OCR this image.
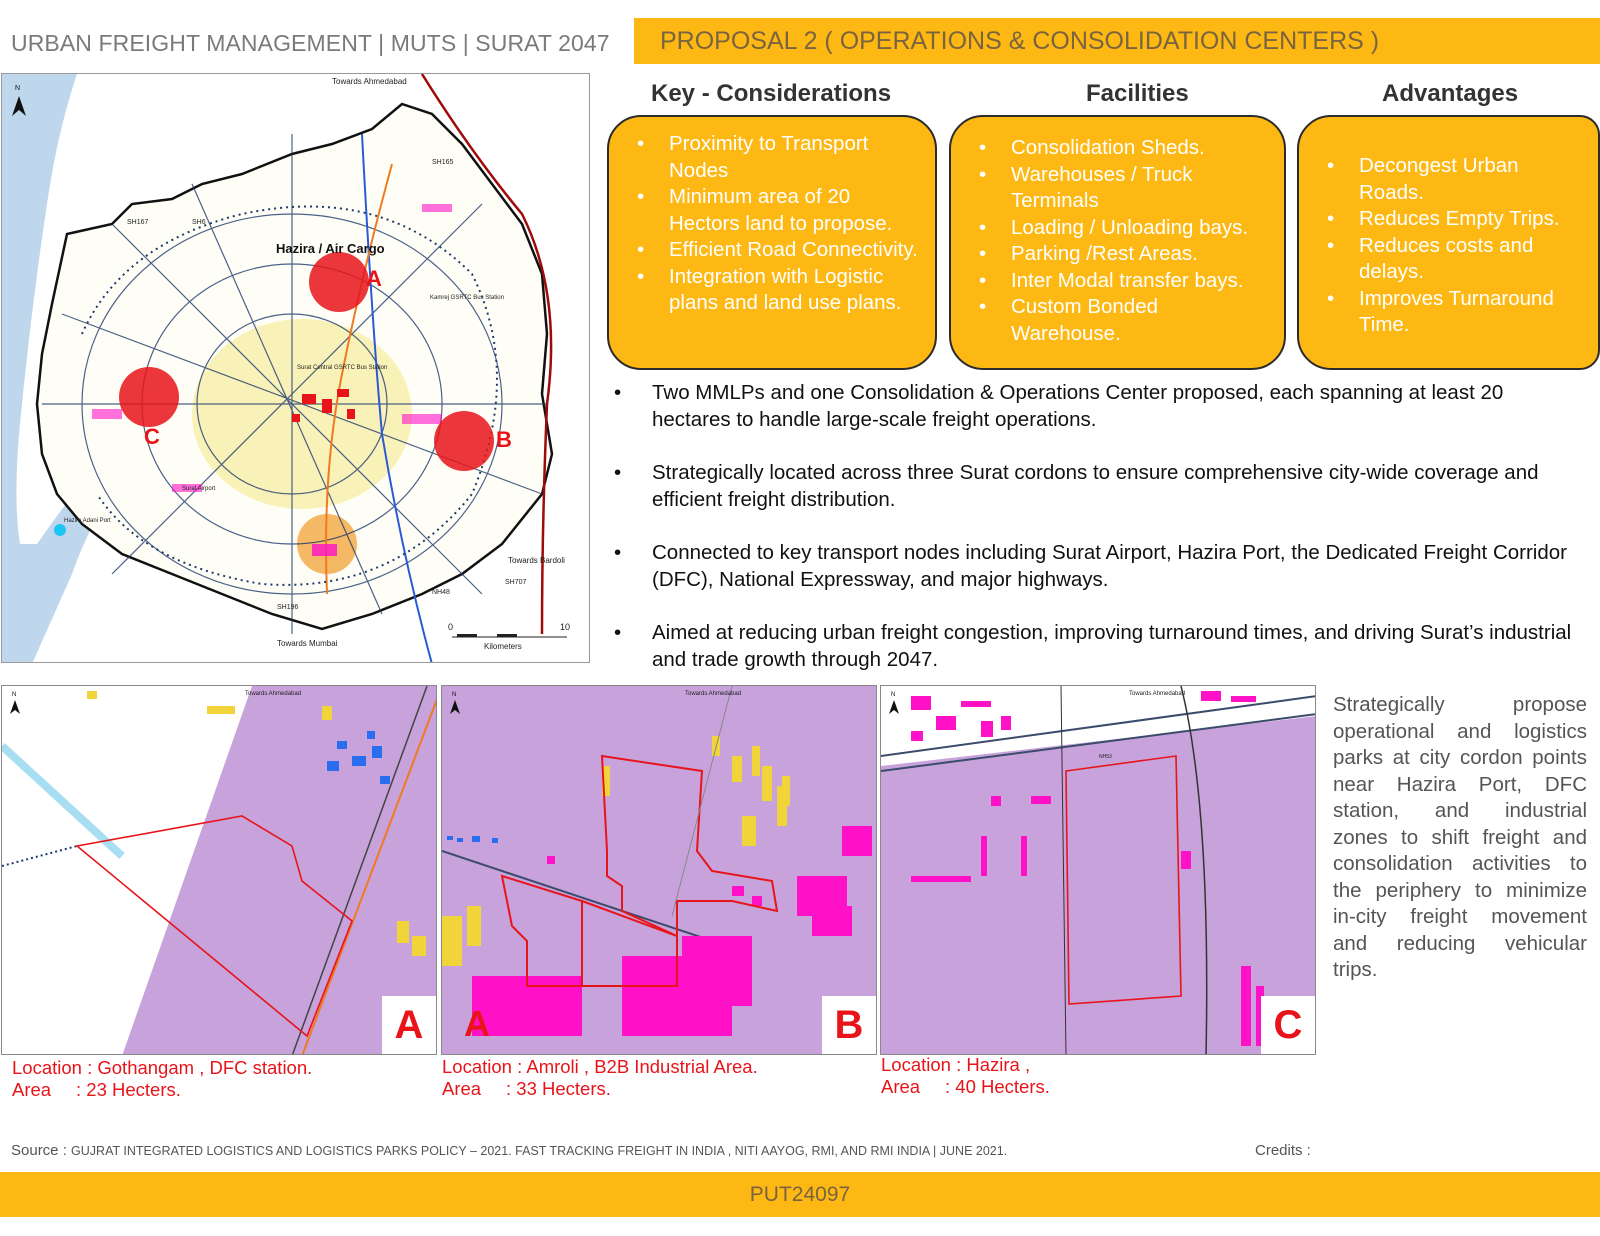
URBAN FREIGHT MANAGEMENT | MUTS | SURAT 2047 PROPOSAL 2 ( OPERATIONS & CONSOLIDATION CENTERS )
A
B
C
Hazira / Air Cargo
Towards Ahmedabad
Towards Mumbai
Towards Bardoli
Hazira Adani Port
Surat Airport
Kamrej GSRTC Bus Station
Surat Central GSRTC Bus Station
SH167	SH6
SH165
SH196
SH707
NH48
N
0	10
Kilometers
Key - Considerations	Facilities	Advantages
• Proximity to Transport Nodes
• Minimum area of 20 Hectors land to propose.
• Efficient Road Connectivity.
• Integration with Logistic plans and land use plans.
• Consolidation Sheds.
• Warehouses / Truck Terminals
• Loading / Unloading bays.
• Parking /Rest Areas.
• Inter Modal transfer bays.
• Custom Bonded Warehouse.
• Decongest Urban Roads.
• Reduces Empty Trips.
• Reduces costs and delays.
• Improves Turnaround Time.
• Two MMLPs and one Consolidation & Operations Center proposed, each spanning at least 20 hectares to handle large-scale freight operations.
• Strategically located across three Surat cordons to ensure comprehensive city-wide coverage and efficient freight distribution.
• Connected to key transport nodes including Surat Airport, Hazira Port, the Dedicated Freight Corridor (DFC), National Expressway, and major highways.
• Aimed at reducing urban freight congestion, improving turnaround times, and driving Surat’s industrial and trade growth through 2047.
N	Towards Ahmedabad
A
N	Towards Ahmedabad
A	B
NH53
N	Towards Ahmedabad
C
Location : Gothangam , DFC station.
Area : 23 Hecters.
Location : Amroli , B2B Industrial Area.
Area : 33 Hecters.
Location : Hazira ,
Area : 40 Hecters.
Strategically propose operational and logistics parks at city cordon points near Hazira Port, DFC station, and industrial zones to shift freight and consolidation activities to the periphery to minimize in-city freight movement and reducing vehicular trips.
Source : GUJRAT INTEGRATED LOGISTICS AND LOGISTICS PARKS POLICY – 2021. FAST TRACKING FREIGHT IN INDIA , NITI AAYOG, RMI, AND RMI INDIA | JUNE 2021.	Credits :
PUT24097
